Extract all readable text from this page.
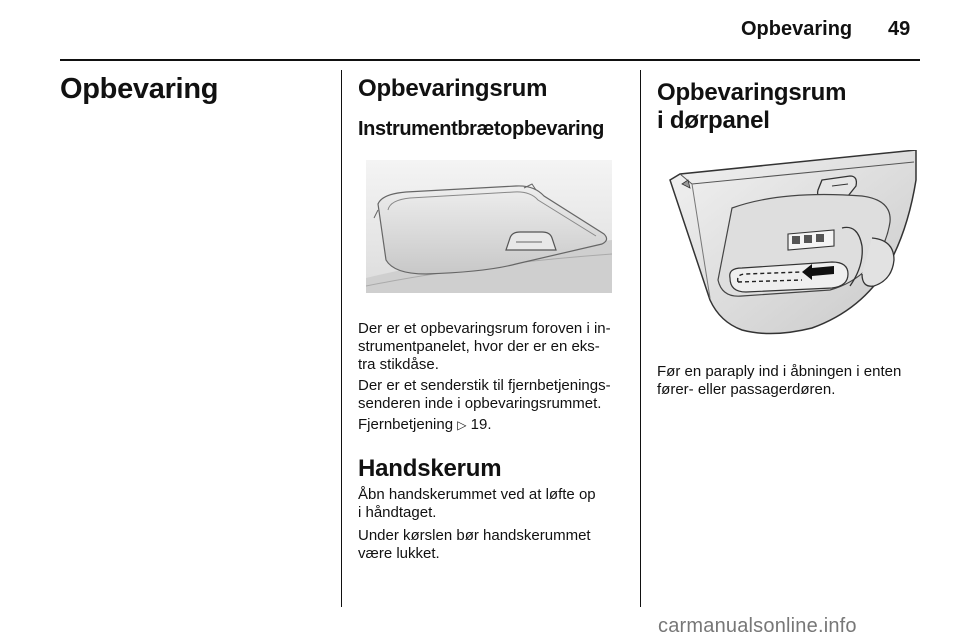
Opbevaring 49
Opbevaring	Opbevaringsrum
Instrumentbrætopbevaring
Der er et opbevaringsrum foroven i in-
strumentpanelet, hvor der er en eks-
tra stikdåse.
Der er et senderstik til fjernbetjenings-
senderen inde i opbevaringsrummet.
Fjernbetjening ▷ 19.
Handskerum
Åbn handskerummet ved at løfte op
i håndtaget.
Under kørslen bør handskerummet
være lukket.
Opbevaringsrum
i dørpanel
Før en paraply ind i åbningen i enten
fører- eller passagerdøren.
carmanualsonline.info
